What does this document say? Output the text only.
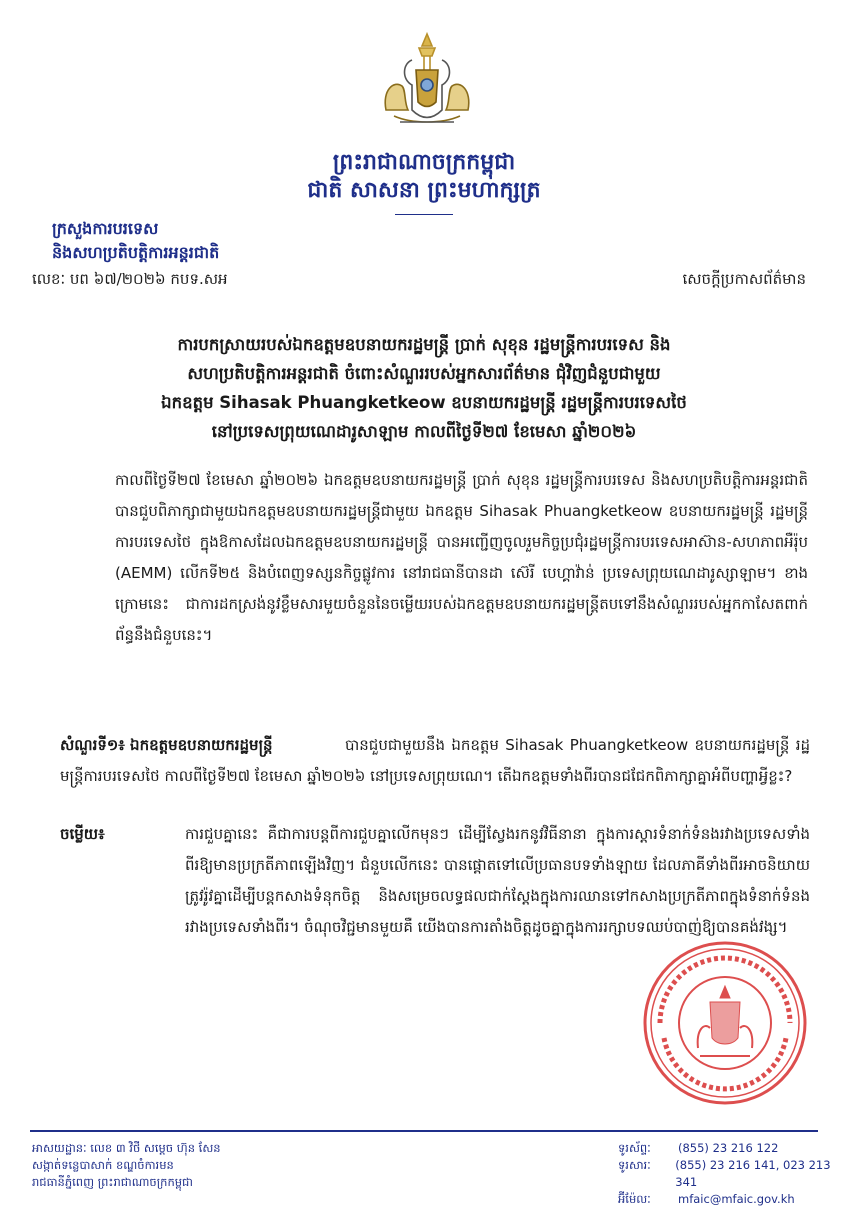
ព្រះរាជាណាចក្រកម្ពុជា
ជាតិ សាសនា ព្រះមហាក្សត្រ
ក្រសួងការបរទេស
និងសហប្រតិបត្តិការអន្តរជាតិ
លេខៈ បព ៦៧/២០២៦ កបទ.សអ	សេចក្តីប្រកាសព័ត៌មាន
ការបកស្រាយរបស់ឯកឧត្តមឧបនាយករដ្ឋមន្ត្រី ប្រាក់ សុខុន រដ្ឋមន្ត្រីការបរទេស និង
សហប្រតិបត្តិការអន្តរជាតិ ចំពោះសំណួររបស់អ្នកសារព័ត៌មាន ជុំវិញជំនួបជាមួយ
ឯកឧត្តម Sihasak Phuangketkeow ឧបនាយករដ្ឋមន្ត្រី រដ្ឋមន្ត្រីការបរទេសថៃ
នៅប្រទេសព្រុយណេដារូសាឡាម កាលពីថ្ងៃទី២៧ ខែមេសា ឆ្នាំ២០២៦
កាលពីថ្ងៃទី២៧ ខែមេសា ឆ្នាំ២០២៦ ឯកឧត្តមឧបនាយករដ្ឋមន្ត្រី ប្រាក់ សុខុន រដ្ឋមន្ត្រីការបរទេស និងសហប្រតិបត្តិការអន្តរជាតិ បានជួបពិភាក្សាជាមួយឯកឧត្តមឧបនាយករដ្ឋមន្ត្រីជាមួយ ឯកឧត្តម Sihasak Phuangketkeow ឧបនាយករដ្ឋមន្ត្រី រដ្ឋមន្ត្រីការបរទេសថៃ ក្នុងឱកាសដែលឯកឧត្តមឧបនាយករដ្ឋមន្ត្រី បានអញ្ជើញចូលរួមកិច្ចប្រជុំរដ្ឋមន្ត្រីការបរទេសអាស៊ាន-សហភាពអឺរ៉ុប (AEMM) លើកទី២៥ និងបំពេញទស្សនកិច្ចផ្លូវការ នៅរាជធានីបានដា ស៊េរី បេហ្គាវ៉ាន់ ប្រទេសព្រុយណេដារូស្សាឡាម។ ខាងក្រោមនេះ ជាការដកស្រង់នូវខ្លឹមសារមួយចំនួននៃចម្លើយរបស់ឯកឧត្តមឧបនាយករដ្ឋមន្ត្រីតបទៅនឹងសំណួររបស់អ្នកកាសែតពាក់ព័ន្ធនឹងជំនួបនេះ។
សំណួរទី១៖ ឯកឧត្តមឧបនាយករដ្ឋមន្ត្រី	បានជួបជាមួយនឹង ឯកឧត្តម Sihasak Phuangketkeow ឧបនាយករដ្ឋមន្ត្រី រដ្ឋមន្ត្រីការបរទេសថៃ កាលពីថ្ងៃទី២៧ ខែមេសា ឆ្នាំ២០២៦ នៅប្រទេសព្រុយណេ។ តើឯកឧត្តមទាំងពីរបានជជែកពិភាក្សាគ្នាអំពីបញ្ហាអ្វីខ្លះ?
ចម្លើយ៖	ការជួបគ្នានេះ គឺជាការបន្តពីការជួបគ្នាលើកមុនៗ ដើម្បីស្វែងរកនូវវិធីនានា ក្នុងការស្តារទំនាក់ទំនងរវាងប្រទេសទាំងពីរឱ្យមានប្រក្រតីភាពឡើងវិញ។ ជំនួបលើកនេះ បានផ្តោតទៅលើប្រធានបទទាំងឡាយ ដែលភាគីទាំងពីរអាចនិយាយត្រូវរ៉ូវគ្នាដើម្បីបន្តកសាងទំនុកចិត្ត និងសម្រេចលទ្ធផលជាក់ស្តែងក្នុងការឈានទៅកសាងប្រក្រតីភាពក្នុងទំនាក់ទំនងរវាងប្រទេសទាំងពីរ។ ចំណុចវិជ្ជមានមួយគឺ យើងបានការតាំងចិត្តដូចគ្នាក្នុងការរក្សាបទឈប់បាញ់ឱ្យបានគង់វង្ស។
អាសយដ្ឋានៈ លេខ ៣ វិថី សម្តេច ហ៊ុន សែន
សង្កាត់ទន្លេបាសាក់ ខណ្ឌចំការមន
រាជធានីភ្នំពេញ ព្រះរាជាណាចក្រកម្ពុជា
ទូរស័ព្ទៈ	(855) 23 216 122
ទូរសារៈ	(855) 23 216 141, 023 213 341
អ៊ីម៉ែលៈ	mfaic@mfaic.gov.kh
